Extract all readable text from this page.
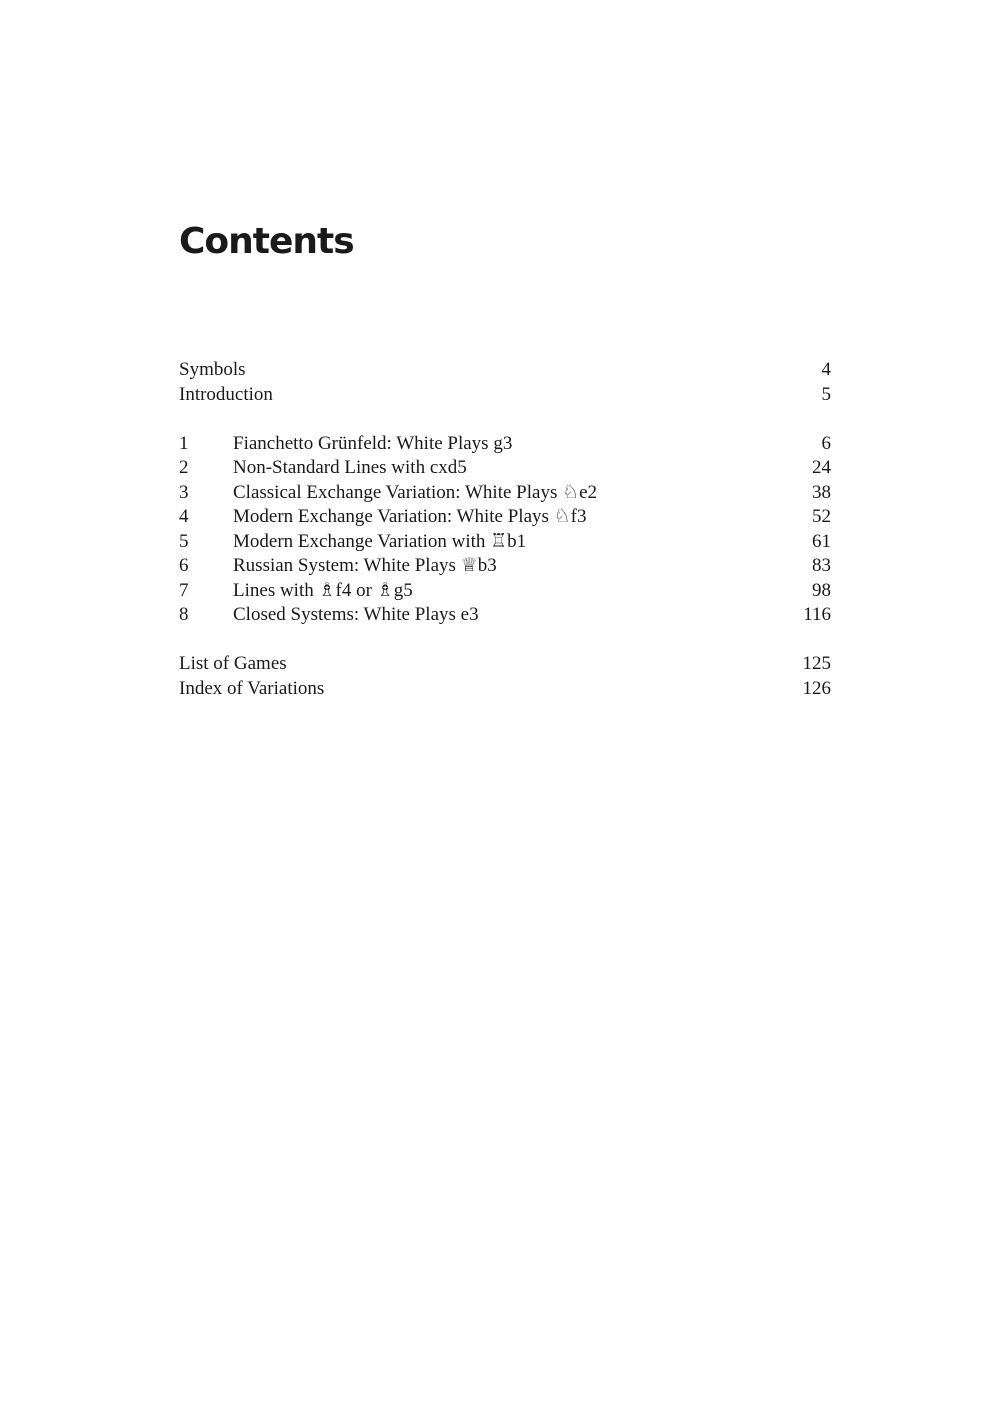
Contents
Symbols	4
Introduction	5
1	Fianchetto Grünfeld: White Plays g3	6
2	Non-Standard Lines with cxd5	24
3	Classical Exchange Variation: White Plays ♘e2	38
4	Modern Exchange Variation: White Plays ♘f3	52
5	Modern Exchange Variation with ♖b1	61
6	Russian System: White Plays ♕b3	83
7	Lines with ♗f4 or ♗g5	98
8	Closed Systems: White Plays e3	116
List of Games	125
Index of Variations	126
